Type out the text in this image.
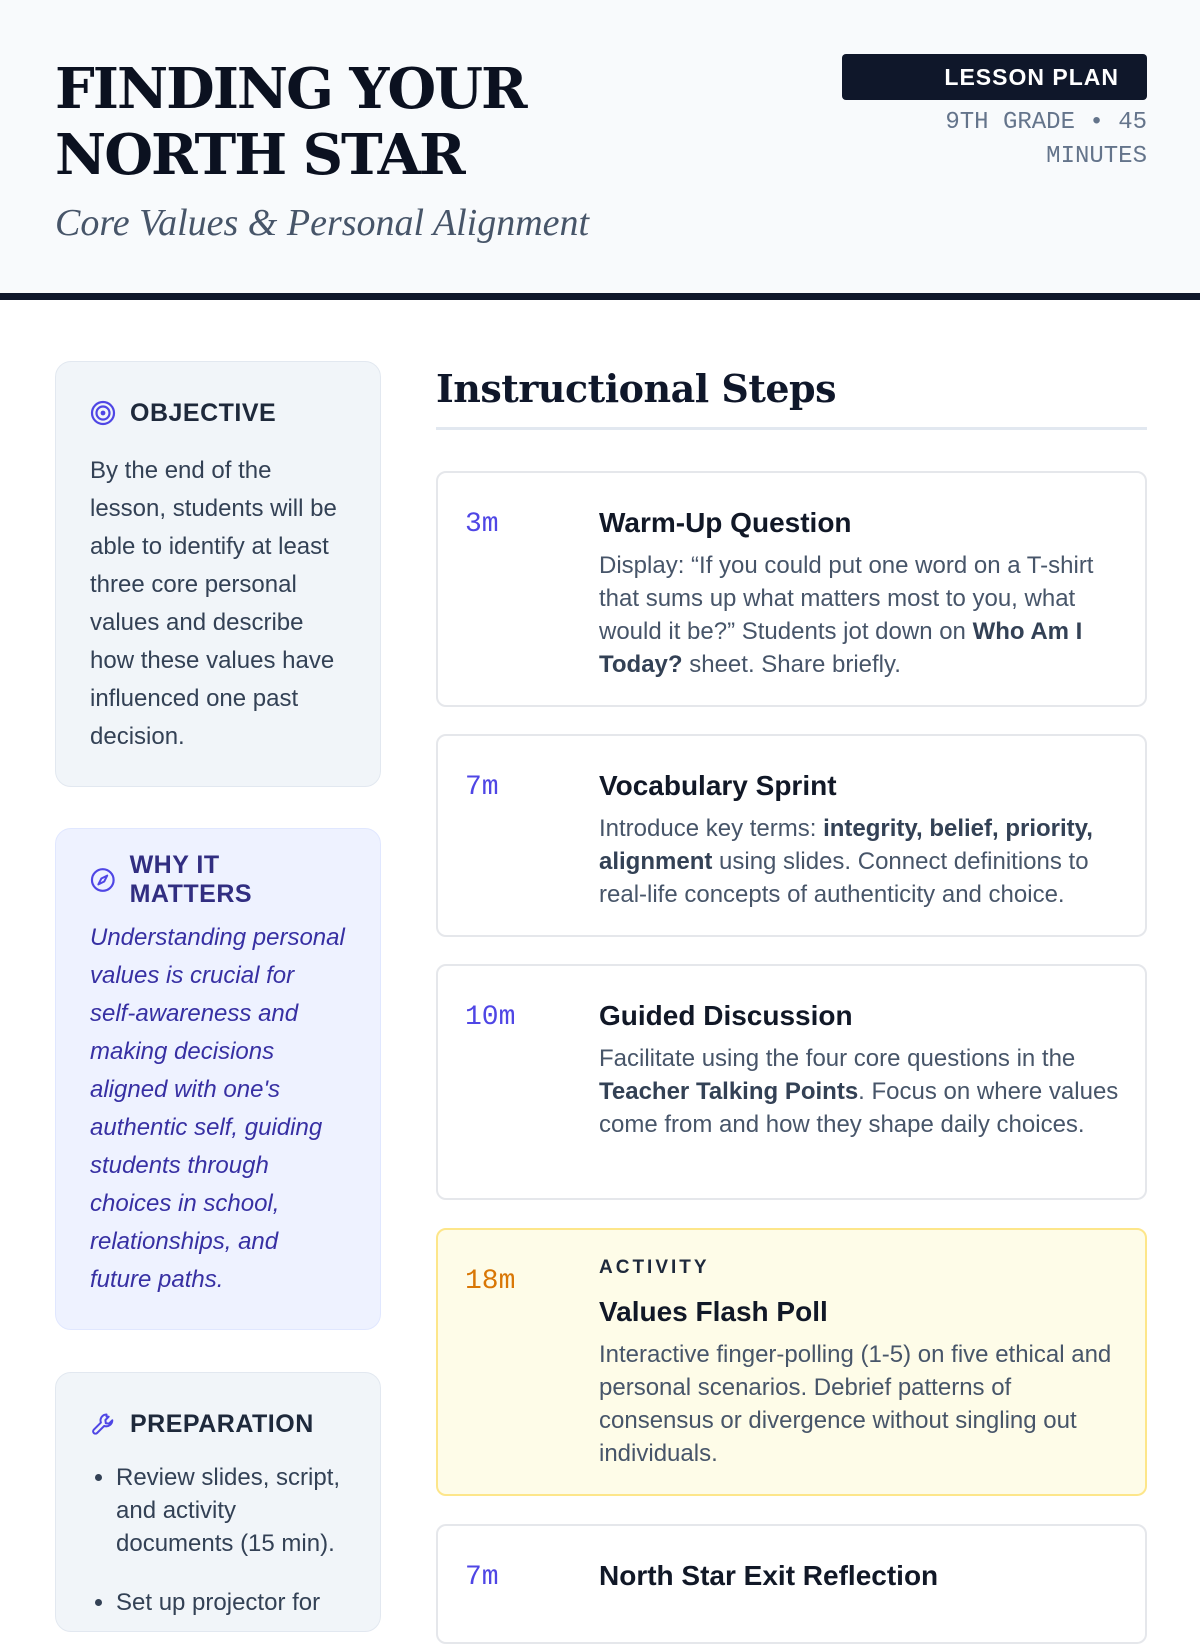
FINDING YOUR NORTH STAR

Core Values & Personal Alignment

LESSON PLAN
9TH GRADE • 45 MINUTES
OBJECTIVE
By the end of the lesson, students will be able to identify at least three core personal values and describe how these values have influenced one past decision.
WHY IT MATTERS
Understanding personal values is crucial for self-awareness and making decisions aligned with one's authentic self, guiding students through choices in school, relationships, and future paths.
PREPARATION
• Review slides, script, and activity documents (15 min).
• Set up projector for
Instructional Steps
3m	Warm-Up Question
Display: “If you could put one word on a T-shirt that sums up what matters most to you, what would it be?” Students jot down on Who Am I Today? sheet. Share briefly.
7m	Vocabulary Sprint
Introduce key terms: integrity, belief, priority, alignment using slides. Connect definitions to real-life concepts of authenticity and choice.
10m	Guided Discussion
Facilitate using the four core questions in the Teacher Talking Points. Focus on where values come from and how they shape daily choices.
18m	ACTIVITY
Values Flash Poll
Interactive finger-polling (1-5) on five ethical and personal scenarios. Debrief patterns of consensus or divergence without singling out individuals.
7m	North Star Exit Reflection
